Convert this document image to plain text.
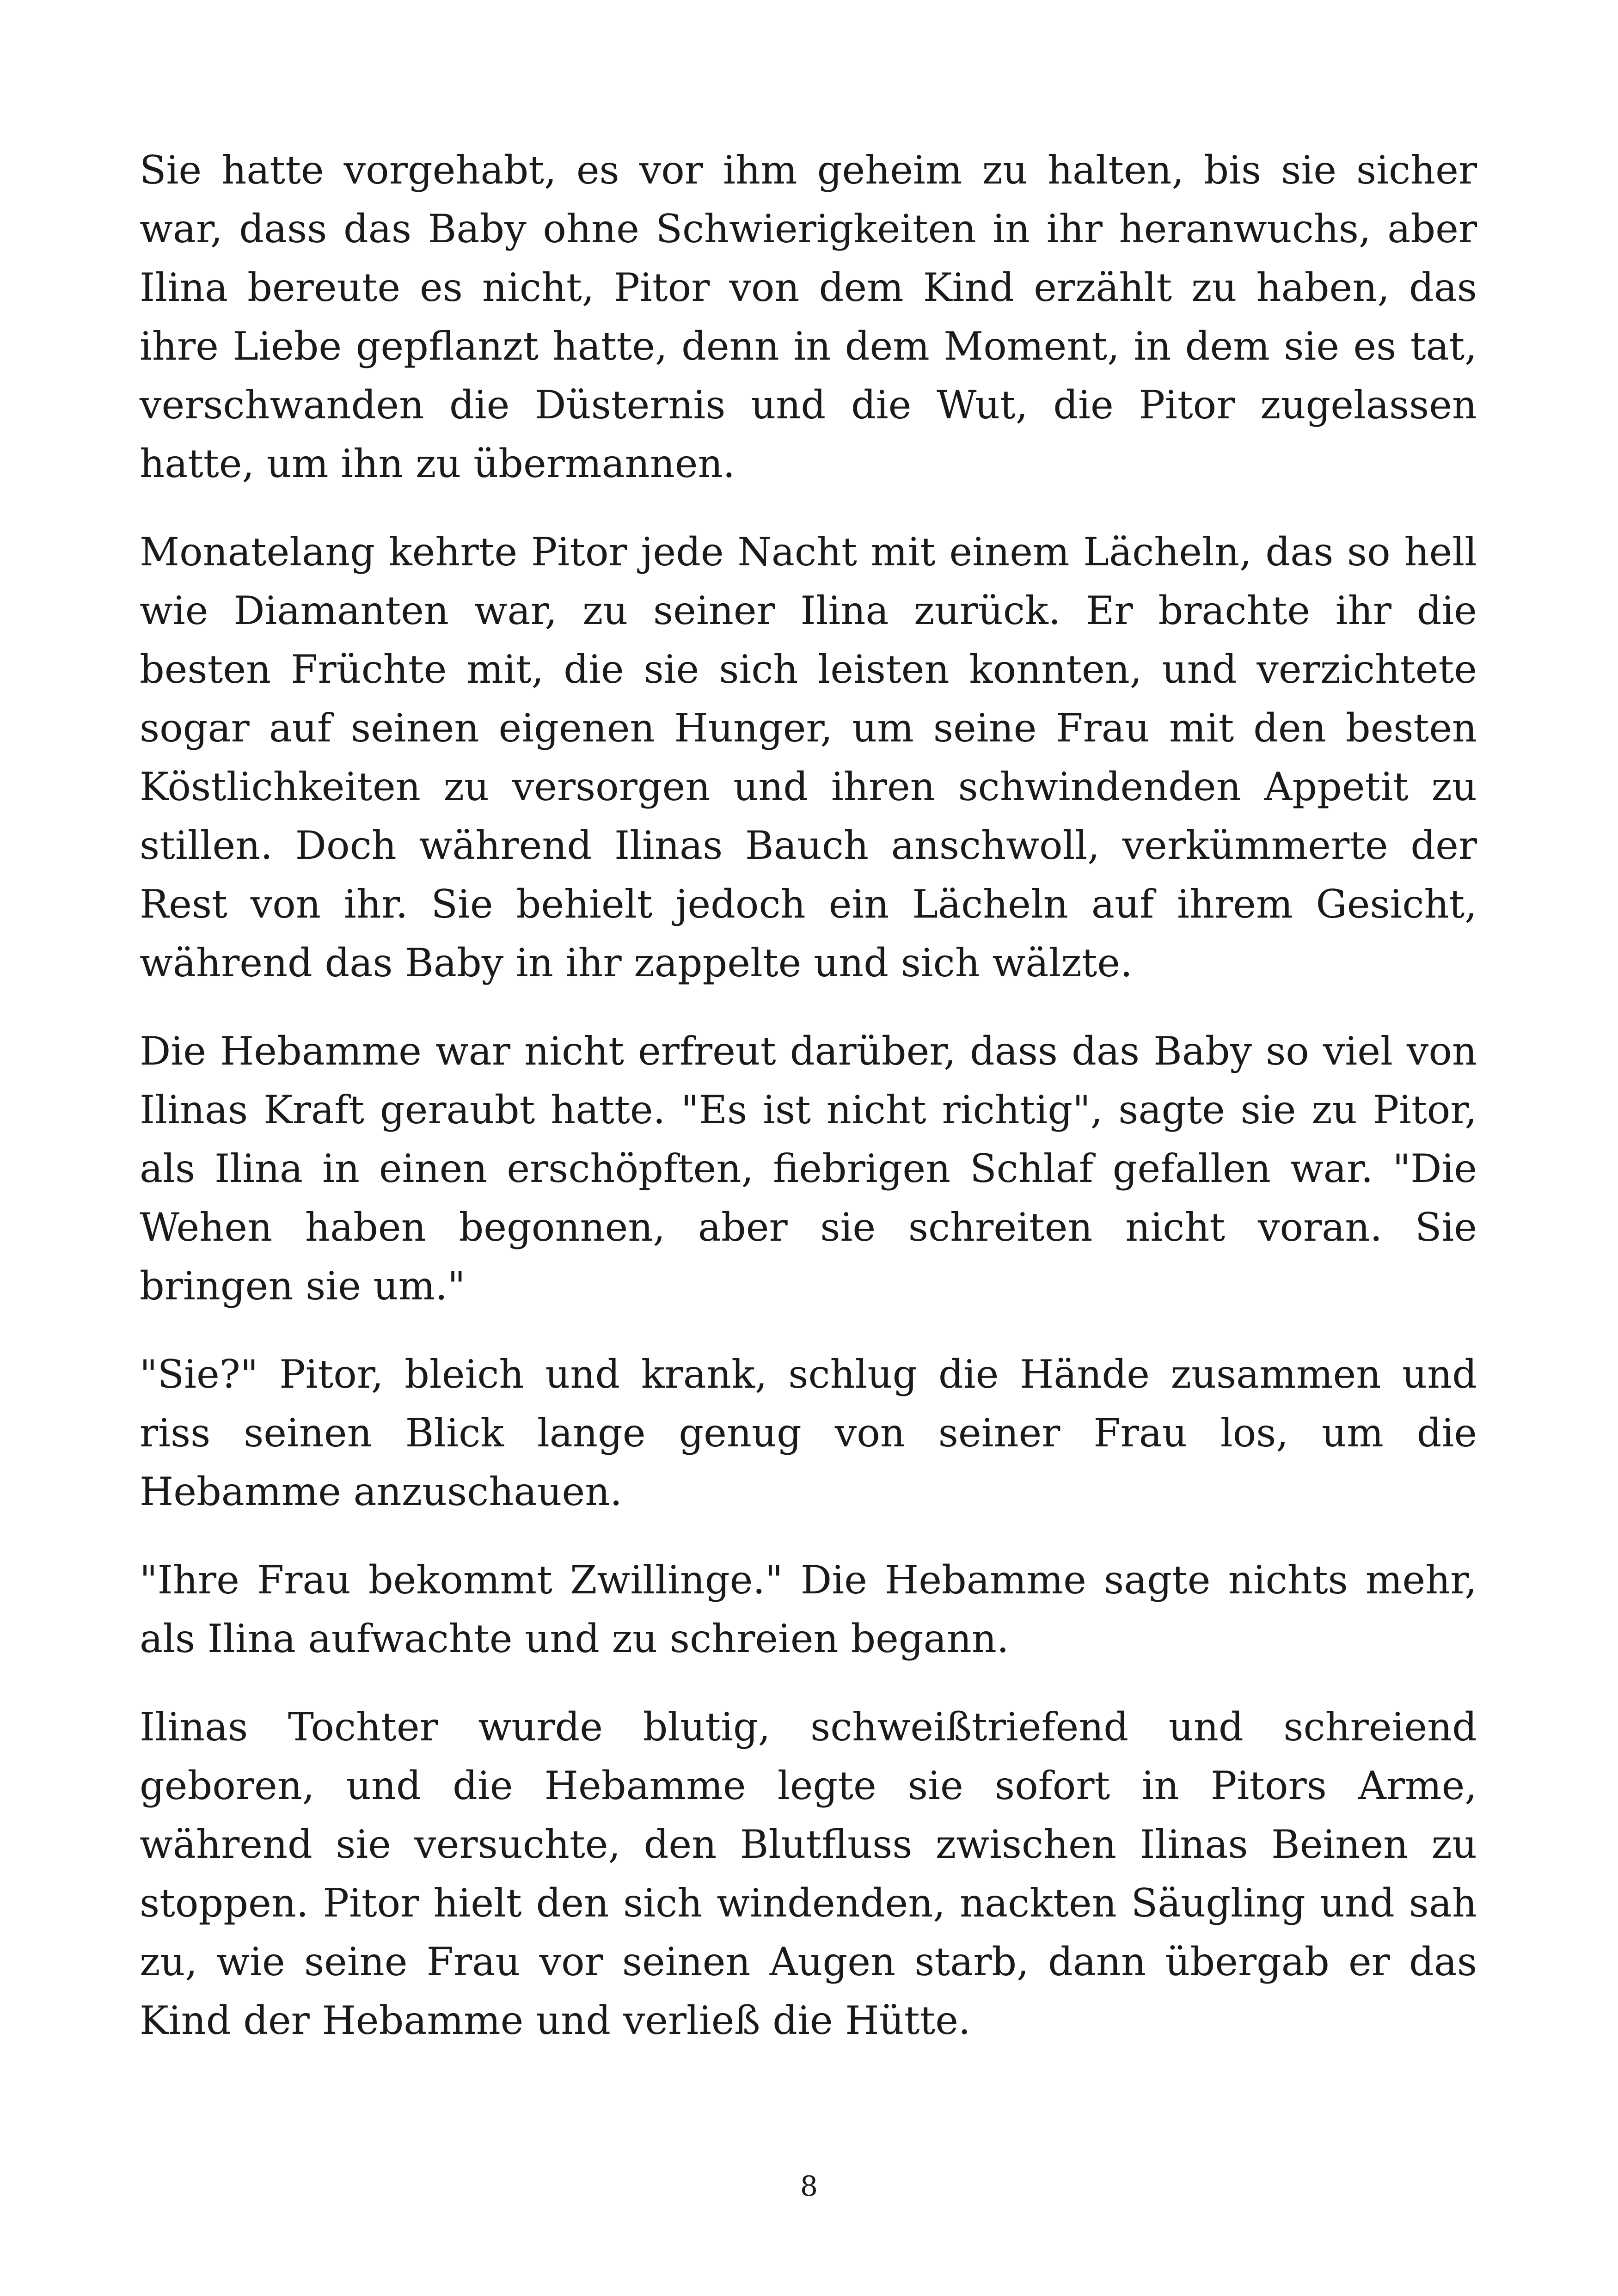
Sie hatte vorgehabt, es vor ihm geheim zu halten, bis sie sicher war, dass das Baby ohne Schwierigkeiten in ihr heranwuchs, aber Ilina bereute es nicht, Pitor von dem Kind erzählt zu haben, das ihre Liebe gepflanzt hatte, denn in dem Moment, in dem sie es tat, verschwanden die Düsternis und die Wut, die Pitor zugelassen hatte, um ihn zu übermannen.

Monatelang kehrte Pitor jede Nacht mit einem Lächeln, das so hell wie Diamanten war, zu seiner Ilina zurück. Er brachte ihr die besten Früchte mit, die sie sich leisten konnten, und verzichtete sogar auf seinen eigenen Hunger, um seine Frau mit den besten Köstlichkeiten zu versorgen und ihren schwindenden Appetit zu stillen. Doch während Ilinas Bauch anschwoll, verkümmerte der Rest von ihr. Sie behielt jedoch ein Lächeln auf ihrem Gesicht, während das Baby in ihr zappelte und sich wälzte.

Die Hebamme war nicht erfreut darüber, dass das Baby so viel von Ilinas Kraft geraubt hatte. "Es ist nicht richtig", sagte sie zu Pitor, als Ilina in einen erschöpften, fiebrigen Schlaf gefallen war. "Die Wehen haben begonnen, aber sie schreiten nicht voran. Sie bringen sie um."

"Sie?" Pitor, bleich und krank, schlug die Hände zusammen und riss seinen Blick lange genug von seiner Frau los, um die Hebamme anzuschauen.

"Ihre Frau bekommt Zwillinge." Die Hebamme sagte nichts mehr, als Ilina aufwachte und zu schreien begann.

Ilinas Tochter wurde blutig, schweißtriefend und schreiend geboren, und die Hebamme legte sie sofort in Pitors Arme, während sie versuchte, den Blutfluss zwischen Ilinas Beinen zu stoppen. Pitor hielt den sich windenden, nackten Säugling und sah zu, wie seine Frau vor seinen Augen starb, dann übergab er das Kind der Hebamme und verließ die Hütte.

8
